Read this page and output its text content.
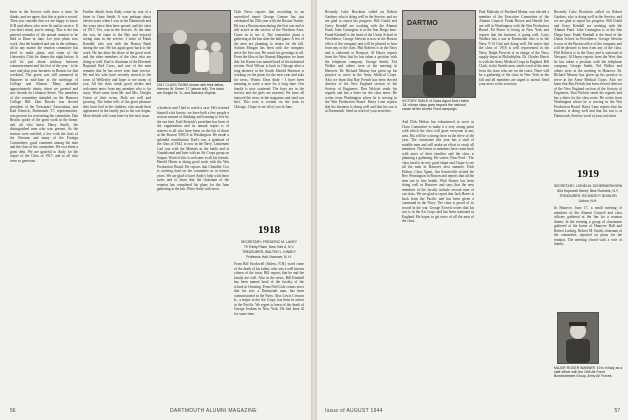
been in the Service with since a time, he thinks, and we agree, that this is quite a record. Then you consider that we are happy to know JCB and others who were fit and in service. If you don't mind, you're seeing. This is the last general reminder of the annual reunion to be held at Dune in June. Let your plans now work. Just the hundred and one in the ordinary, all in any matter the reunion committee has tried to make plans, and some of the University Club for dinner the night before. It will be just about midway between commencement and the first of the year - to be sure and plan your business in Boston for that weekend. The green was still unmarred in Hanover in mid-June at the meetings of College and Alumni. Many attended approximately ninety when we greeted and saw friends on Lebanon Street. The members of the committee attended on the Hanover College Hill. Dan Brooks was elected president of the Treasurers' Association, and Karl Kenrick, Dartmouth '17, representative, was present for overseeing the committee. Dan Brooks spoke of the great work in the home, and all who knew Harry Smith, the distinguished man who was present. As the seniors were notified, a few with the class of the Veterans and many of the Foreign Committees, good comment among the men and the class of the committee. We owe them a great debt. We are grateful to Andy for the report of the Class of 1917, and to all who were so generous.

Further details from Andy come by way of a letter to Gene Smith. It was perhaps about eleven years when I was at the Dartmouth and the years since then have passed, and the class of 1917, Tex, was in the Service. At the time the war, he came to the Bay and enjoyed seeing men in the service. I write of Frank Kendall, who was with the Boston Bank during the war. He has again gone back to the work. He has done his share of the good work and the other members of the class who are doing so well. Karl is chairman of the Eleventh Regional Red Cross, and one of the men remarks that he has never seen finer service. He and his wife have recently moved to the town of Wellesley and hope to see many of you. All the class sends good wishes and welcomes news from any member who is far away. Word came from Mr. and Mrs. Dwight Green of their twins. Both are well and growing. The father tells of the great pleasure they have had in the children, who made their appearance in the family just as the war began. More details will come later for the next issue.

1917 CLASS TWINS shown with their father, Hermon W. Green '17 (above left). The twins are Dwight W. Jr., and Barbara Virginia.

a brothers and I had to watch a case. He's learned himself a bit knows, we have both a few people a serious minute of thinking and learning to live by the sea here. Karl Kenrick's president has been of the organization and its annual report is of interest to all who have been on the list of those at the Boston YMCA in Washington. He made a splendid contribution. Karl's son, a graduate of the class of 1942, is now in the Navy. Lieutenant Carl was with the Marines in the battle and at Guadalcanal and later with an Air Corps group on Saipan. Word of this is welcome to all his friends. Harold Harris is doing good work with the War Production Board. He reports that Chandler Cox is working hard on the committee as in former years. We are glad to have Andy's help with these notes and to learn that the chairman of the reunion has completed his plans for the June gathering at the Inn. Write Andy with news.

Club News reports that according to an unverified report George Conner has just celebrated his 25th year with the Boston Transit. He was a Boston man during the first war and is still active in the service of the Northern Area. Come in to see it. The committee plans a gathering at the Inn after the ball game. A few of the men are planning to return for the fall. Ashton Morgan has been with the company since the first war. He sends his greetings to all. From the files of the Alumni Magazine we learn that Joe Keane was named head of the industrial section. Fred Wilson is back in Chicago after a long absence in the South. Harold Harrison is working on the plans for the next year and asks for news. Writes: Dear Andy - I have been meaning to write a note for a long time. Our family is now scattered. The boys are in the service and the girls are married. We have all enjoyed the news in the magazine and send our best. This note is written on the train to Chicago. I hope to see all of you in June.

1918
SECRETARY, FREDERIC M. LAHEY
79 Trinity Place, New York 6, N.Y.
TREASURER, WALTER L. KINSEY
Professor Hall, Hanover, N. H.

From Bill Stockwell (Salem, N.H.) word came of the death of his father, who was a well known citizen of the town. Bill reports that he and the family are well. Also in the news, Bill Kimball has been named head of the faculty of the school in Ossining. From Ned Lisle comes news that his son, a Dartmouth man, has been commissioned in the Navy. Also Lewis Cresson Jr., a major in the Air Corps, has been in action in the Pacific. We regret to learn of the death of George Jenkins in New York. He had been ill for some time.

56	DARTMOUTH ALUMNI MAGAZINE

Recently Luke Brockton called on Robert Gardner, who is doing well in the Service, and we are glad to report his progress. Bill Gould and Gerry Kendall are working with the Alumni Fund. John Carrington is at the San Diego base. Frank Kimball is the head of the Union School in Providence. George Stevens is now at the Boston office of the company and will be pleased to hear from any of the class. Phil Roberts is in the Navy and is stationed at Newport. Al Hayes reports from the West that he has taken a position with the telephone company. George Smith, Ted Walker and others were at the meeting in Hanover. Dr. Richard Murray has given up his practice to serve in the Army Medical Corps. Also we learn that Ray French has been elected director of the New England section of the Society of Engineers. Don Wolcott sends his regards and has a letter for the class notes. He writes from Washington where he is serving in the War Production Board. Harry Lane reports that his business is doing well and that his son is at Dartmouth. Send us word of your activities.

DARTMO
VICTORY SMILE of Class Agent Dick Holton '18, whose class goes beyond the national cause all the Alumni Fund campaign.

And Dick Holton has volunteered to serve as Class Committee to make it a very strong point with which the class will greet everyone in any area. His will be a strong force in the drive of the year. The committee this year has a staff of notable men and will make an effort to reach all members. The letters to members have come back with news of their families and the class is planning a gathering. He writes: Dear Fred - The class fund is in very good shape and I hope to see all the men in Hanover next summer. Dick Holton, Class Agent. Jim Somerville visited the Rev. Pennington in Boston and reports that all the men are in fine health. Walt Kinsey has been doing well in Hanover and says that the new members of the faculty include several men of our class. We are glad to report that Jack Harris is back from the Pacific and has been given a command in the Navy. The class is proud of its record in the war. George Everett writes that his son is in the Air Corps and has been stationed in England. He hopes to get news of all the men of the class.

Paul Mulcahy of Portland Maine, was elected a member of the Executive Committee of the Alumni Council. Frank Brown and Harold Lee are still in Washington with the War Production Board. Ed Porter is living in New York and reports that the business is going well. Larry Wallace has a son at Dartmouth who is in the Navy V-12 Unit and doing well. He writes that the class of 1918 is well represented in the Navy. Ralph Prescott is in charge of the Navy supply depot at Philadelphia. Dr. Charles Harris is with the Army Medical Corps in England. Bill Clark, in the Seattle area, sends word of the men from the class who are on the coast. There will be a gathering of the class in New York in the fall and all members are urged to attend. Send your news to the secretary.

Recently Luke Brockton called on Robert Gardner, who is doing well in the Service, and we are glad to report his progress. Bill Gould and Gerry Kendall are working with the Alumni Fund. John Carrington is at the San Diego base. Frank Kimball is the head of the Union School in Providence. George Stevens is now at the Boston office of the company and will be pleased to hear from any of the class. Phil Roberts is in the Navy and is stationed at Newport. Al Hayes reports from the West that he has taken a position with the telephone company. George Smith, Ted Walker and others were at the meeting in Hanover. Dr. Richard Murray has given up his practice to serve in the Army Medical Corps. Also we learn that Ray French has been elected director of the New England section of the Society of Engineers. Don Wolcott sends his regards and has a letter for the class notes. He writes from Washington where he is serving in the War Production Board. Harry Lane reports that his business is doing well and that his son is at Dartmouth. Send us word of your activities.

1919
SECRETARY, LIONELM. SCHERMERHORN
654 Hopewell Street, New Rochelle, N.Y.
TREASURER, RICHARD P. BOWLER
Lisbon, N.H.

In Hanover, June 17, a small meeting of members of the Alumni Council and class officers gathered at the Inn for a reunion dinner. In the evening a group of classmates gathered at the home of Hanover Hall and Robert Ludwig. Robert M. Smith, chairman of the committee, reported on plans for the reunion. The meeting closed with a vote of thanks.

MAJOR ROGER WARNER '19 is in Italy as a staff officer with the 15th Air Force Bombardment Group, Army Air Forces.
Issue of AUGUST 1944	57
